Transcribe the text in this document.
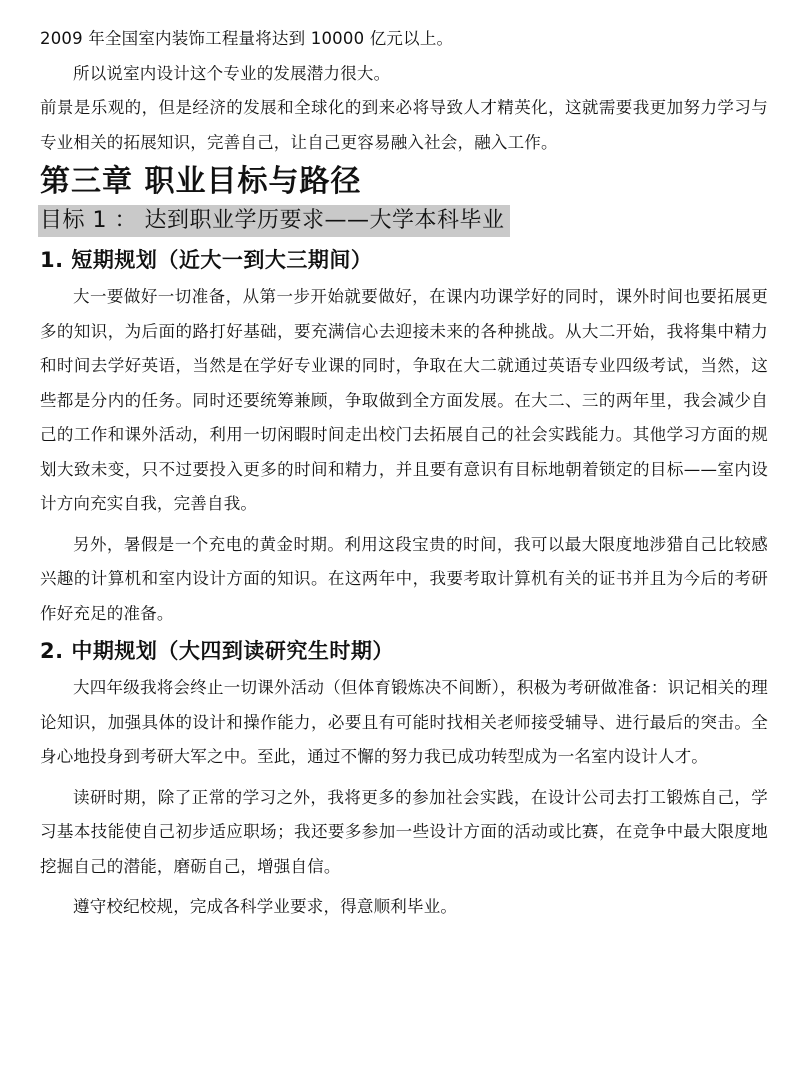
2009 年全国室内装饰工程量将达到 10000 亿元以上。

所以说室内设计这个专业的发展潜力很大。

前景是乐观的，但是经济的发展和全球化的到来必将导致人才精英化，这就需要我更加努力学习与专业相关的拓展知识，完善自己，让自己更容易融入社会，融入工作。

第三章 职业目标与路径
目标 1 ： 达到职业学历要求——大学本科毕业
1. 短期规划（近大一到大三期间）

大一要做好一切准备，从第一步开始就要做好，在课内功课学好的同时，课外时间也要拓展更多的知识，为后面的路打好基础，要充满信心去迎接未来的各种挑战。从大二开始，我将集中精力和时间去学好英语，当然是在学好专业课的同时，争取在大二就通过英语专业四级考试，当然，这些都是分内的任务。同时还要统筹兼顾，争取做到全方面发展。在大二、三的两年里，我会减少自己的工作和课外活动，利用一切闲暇时间走出校门去拓展自己的社会实践能力。其他学习方面的规划大致未变，只不过要投入更多的时间和精力，并且要有意识有目标地朝着锁定的目标——室内设计方向充实自我，完善自我。

另外，暑假是一个充电的黄金时期。利用这段宝贵的时间，我可以最大限度地涉猎自己比较感兴趣的计算机和室内设计方面的知识。在这两年中，我要考取计算机有关的证书并且为今后的考研作好充足的准备。

2. 中期规划（大四到读研究生时期）

大四年级我将会终止一切课外活动（但体育锻炼决不间断），积极为考研做准备：识记相关的理论知识，加强具体的设计和操作能力，必要且有可能时找相关老师接受辅导、进行最后的突击。全身心地投身到考研大军之中。至此，通过不懈的努力我已成功转型成为一名室内设计人才。

读研时期，除了正常的学习之外，我将更多的参加社会实践，在设计公司去打工锻炼自己，学习基本技能使自己初步适应职场；我还要多参加一些设计方面的活动或比赛，在竞争中最大限度地挖掘自己的潜能，磨砺自己，增强自信。

遵守校纪校规，完成各科学业要求，得意顺利毕业。
